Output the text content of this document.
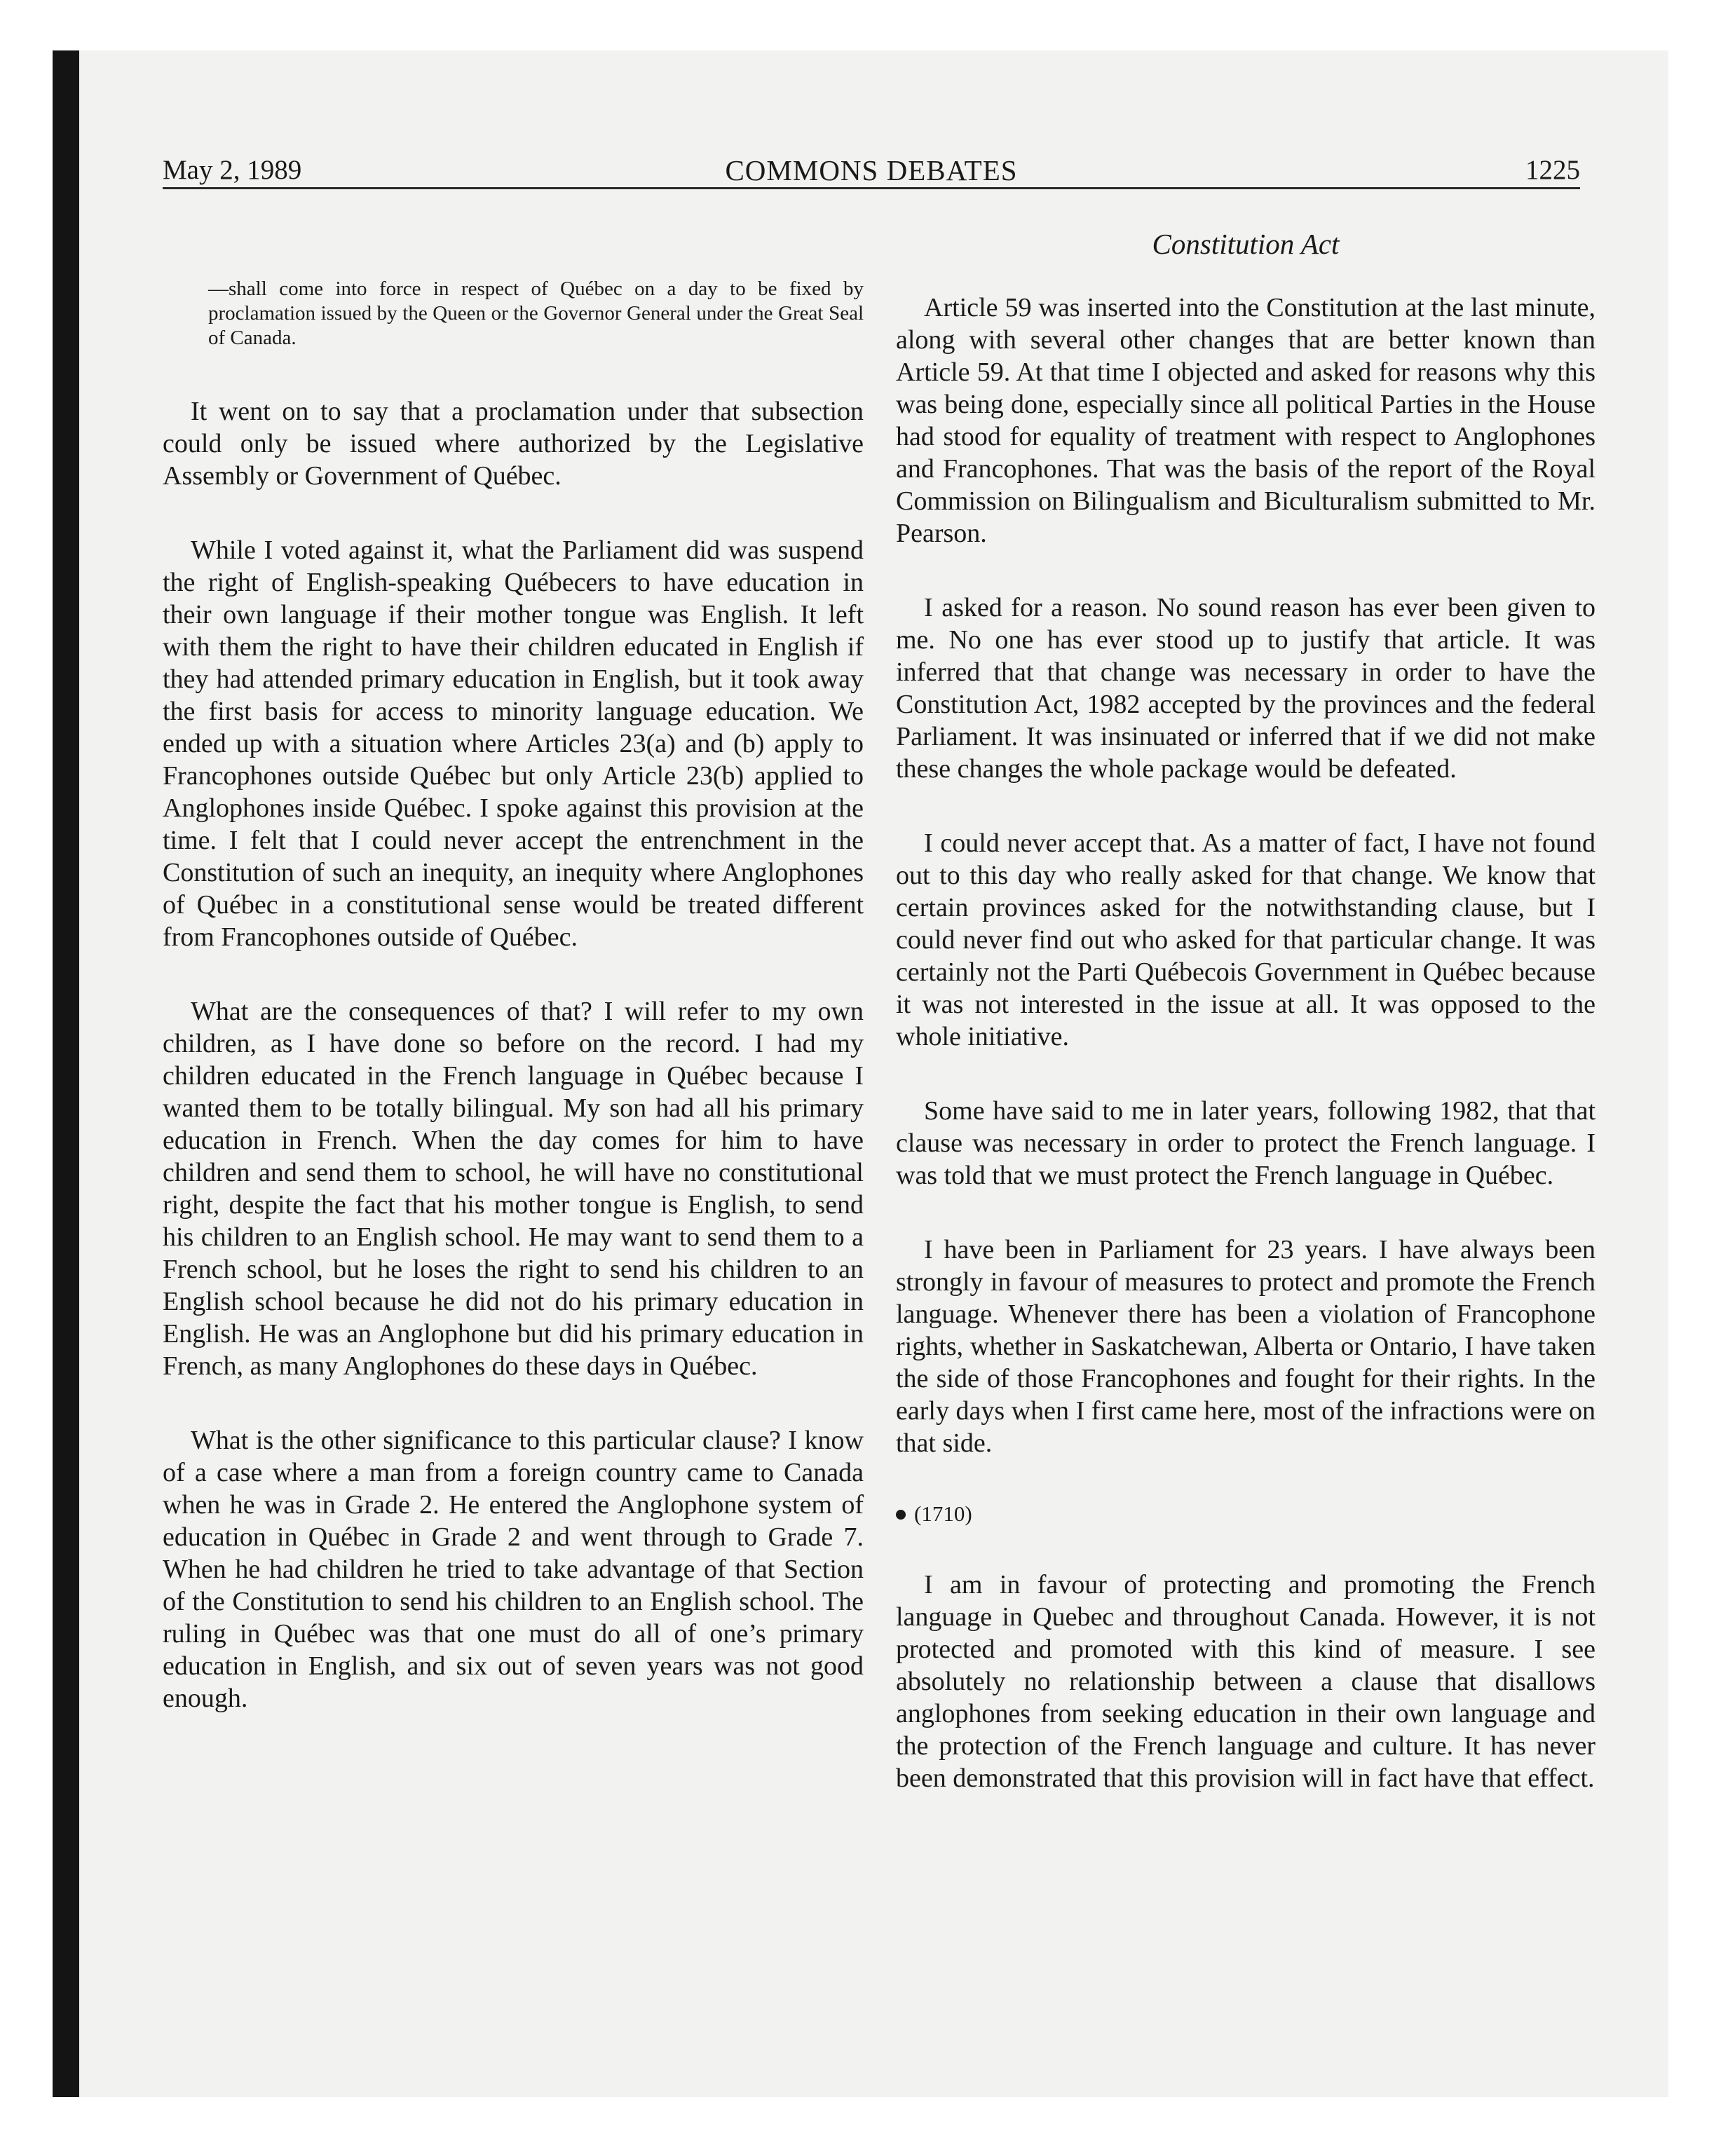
May 2, 1989	COMMONS DEBATES	1225
—shall come into force in respect of Québec on a day to be fixed by proclamation issued by the Queen or the Governor General under the Great Seal of Canada.

It went on to say that a proclamation under that subsection could only be issued where authorized by the Legislative Assembly or Government of Québec.

While I voted against it, what the Parliament did was suspend the right of English-speaking Québecers to have education in their own language if their mother tongue was English. It left with them the right to have their children educated in English if they had attended primary education in English, but it took away the first basis for access to minority language education. We ended up with a situation where Articles 23(a) and (b) apply to Francophones outside Québec but only Article 23(b) applied to Anglophones inside Québec. I spoke against this provision at the time. I felt that I could never accept the entrenchment in the Constitution of such an inequity, an inequity where Anglophones of Québec in a constitutional sense would be treated different from Francophones outside of Québec.

What are the consequences of that? I will refer to my own children, as I have done so before on the record. I had my children educated in the French language in Québec because I wanted them to be totally bilingual. My son had all his primary education in French. When the day comes for him to have children and send them to school, he will have no constitutional right, despite the fact that his mother tongue is English, to send his children to an English school. He may want to send them to a French school, but he loses the right to send his children to an English school because he did not do his primary education in English. He was an Anglophone but did his primary education in French, as many Anglophones do these days in Québec.

What is the other significance to this particular clause? I know of a case where a man from a foreign country came to Canada when he was in Grade 2. He entered the Anglophone system of education in Québec in Grade 2 and went through to Grade 7. When he had children he tried to take advantage of that Section of the Constitution to send his children to an English school. The ruling in Québec was that one must do all of one’s primary education in English, and six out of seven years was not good enough.

Constitution Act

Article 59 was inserted into the Constitution at the last minute, along with several other changes that are better known than Article 59. At that time I objected and asked for reasons why this was being done, especially since all political Parties in the House had stood for equality of treatment with respect to Anglophones and Francophones. That was the basis of the report of the Royal Commission on Bilingualism and Biculturalism submitted to Mr. Pearson.

I asked for a reason. No sound reason has ever been given to me. No one has ever stood up to justify that article. It was inferred that that change was necessary in order to have the Constitution Act, 1982 accepted by the provinces and the federal Parliament. It was insinuated or inferred that if we did not make these changes the whole package would be defeated.

I could never accept that. As a matter of fact, I have not found out to this day who really asked for that change. We know that certain provinces asked for the notwithstanding clause, but I could never find out who asked for that particular change. It was certainly not the Parti Québecois Government in Québec because it was not interested in the issue at all. It was opposed to the whole initiative.

Some have said to me in later years, following 1982, that that clause was necessary in order to protect the French language. I was told that we must protect the French language in Québec.

I have been in Parliament for 23 years. I have always been strongly in favour of measures to protect and promote the French language. Whenever there has been a violation of Francophone rights, whether in Saskatchewan, Alberta or Ontario, I have taken the side of those Francophones and fought for their rights. In the early days when I first came here, most of the infractions were on that side.

(1710)

I am in favour of protecting and promoting the French language in Quebec and throughout Canada. However, it is not protected and promoted with this kind of measure. I see absolutely no relationship between a clause that disallows anglophones from seeking education in their own language and the protection of the French language and culture. It has never been demonstrated that this provision will in fact have that effect.
